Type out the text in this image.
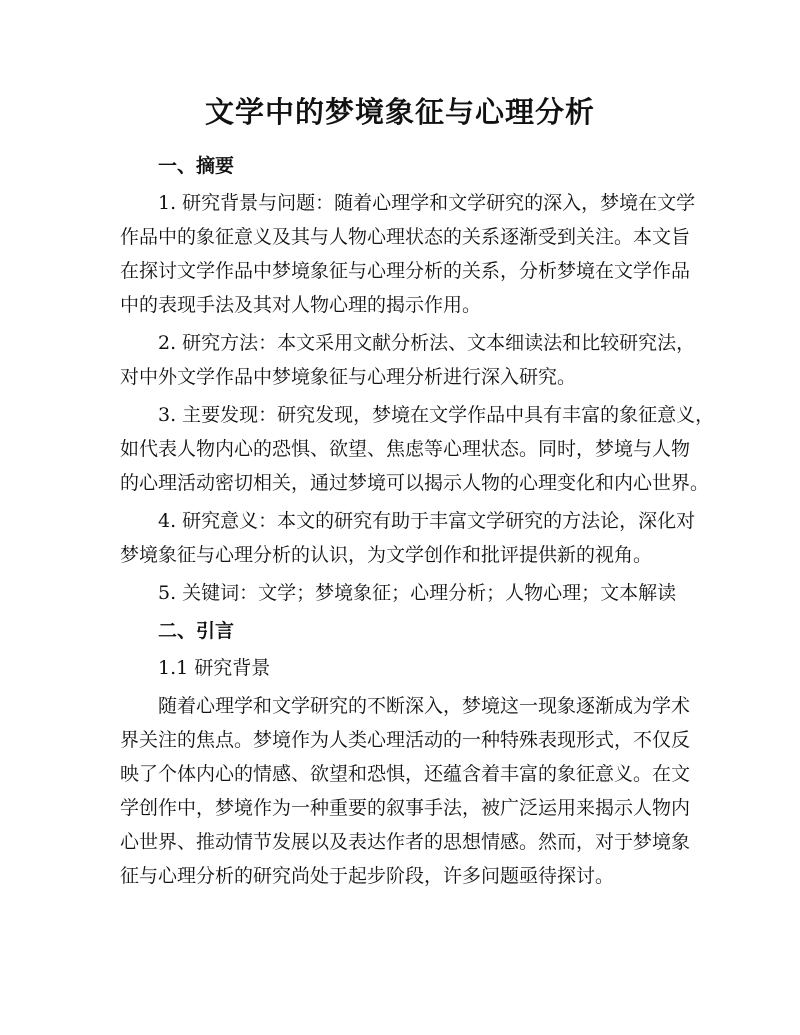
文学中的梦境象征与心理分析
一、摘要
1. 研究背景与问题：随着心理学和文学研究的深入，梦境在文学
作品中的象征意义及其与人物心理状态的关系逐渐受到关注。本文旨
在探讨文学作品中梦境象征与心理分析的关系，分析梦境在文学作品
中的表现手法及其对人物心理的揭示作用。
2. 研究方法：本文采用文献分析法、文本细读法和比较研究法，
对中外文学作品中梦境象征与心理分析进行深入研究。
3. 主要发现：研究发现，梦境在文学作品中具有丰富的象征意义，
如代表人物内心的恐惧、欲望、焦虑等心理状态。同时，梦境与人物
的心理活动密切相关，通过梦境可以揭示人物的心理变化和内心世界。
4. 研究意义：本文的研究有助于丰富文学研究的方法论，深化对
梦境象征与心理分析的认识，为文学创作和批评提供新的视角。
5. 关键词：文学；梦境象征；心理分析；人物心理；文本解读
二、引言
1.1 研究背景
随着心理学和文学研究的不断深入，梦境这一现象逐渐成为学术
界关注的焦点。梦境作为人类心理活动的一种特殊表现形式，不仅反
映了个体内心的情感、欲望和恐惧，还蕴含着丰富的象征意义。在文
学创作中，梦境作为一种重要的叙事手法，被广泛运用来揭示人物内
心世界、推动情节发展以及表达作者的思想情感。然而，对于梦境象
征与心理分析的研究尚处于起步阶段，许多问题亟待探讨。
